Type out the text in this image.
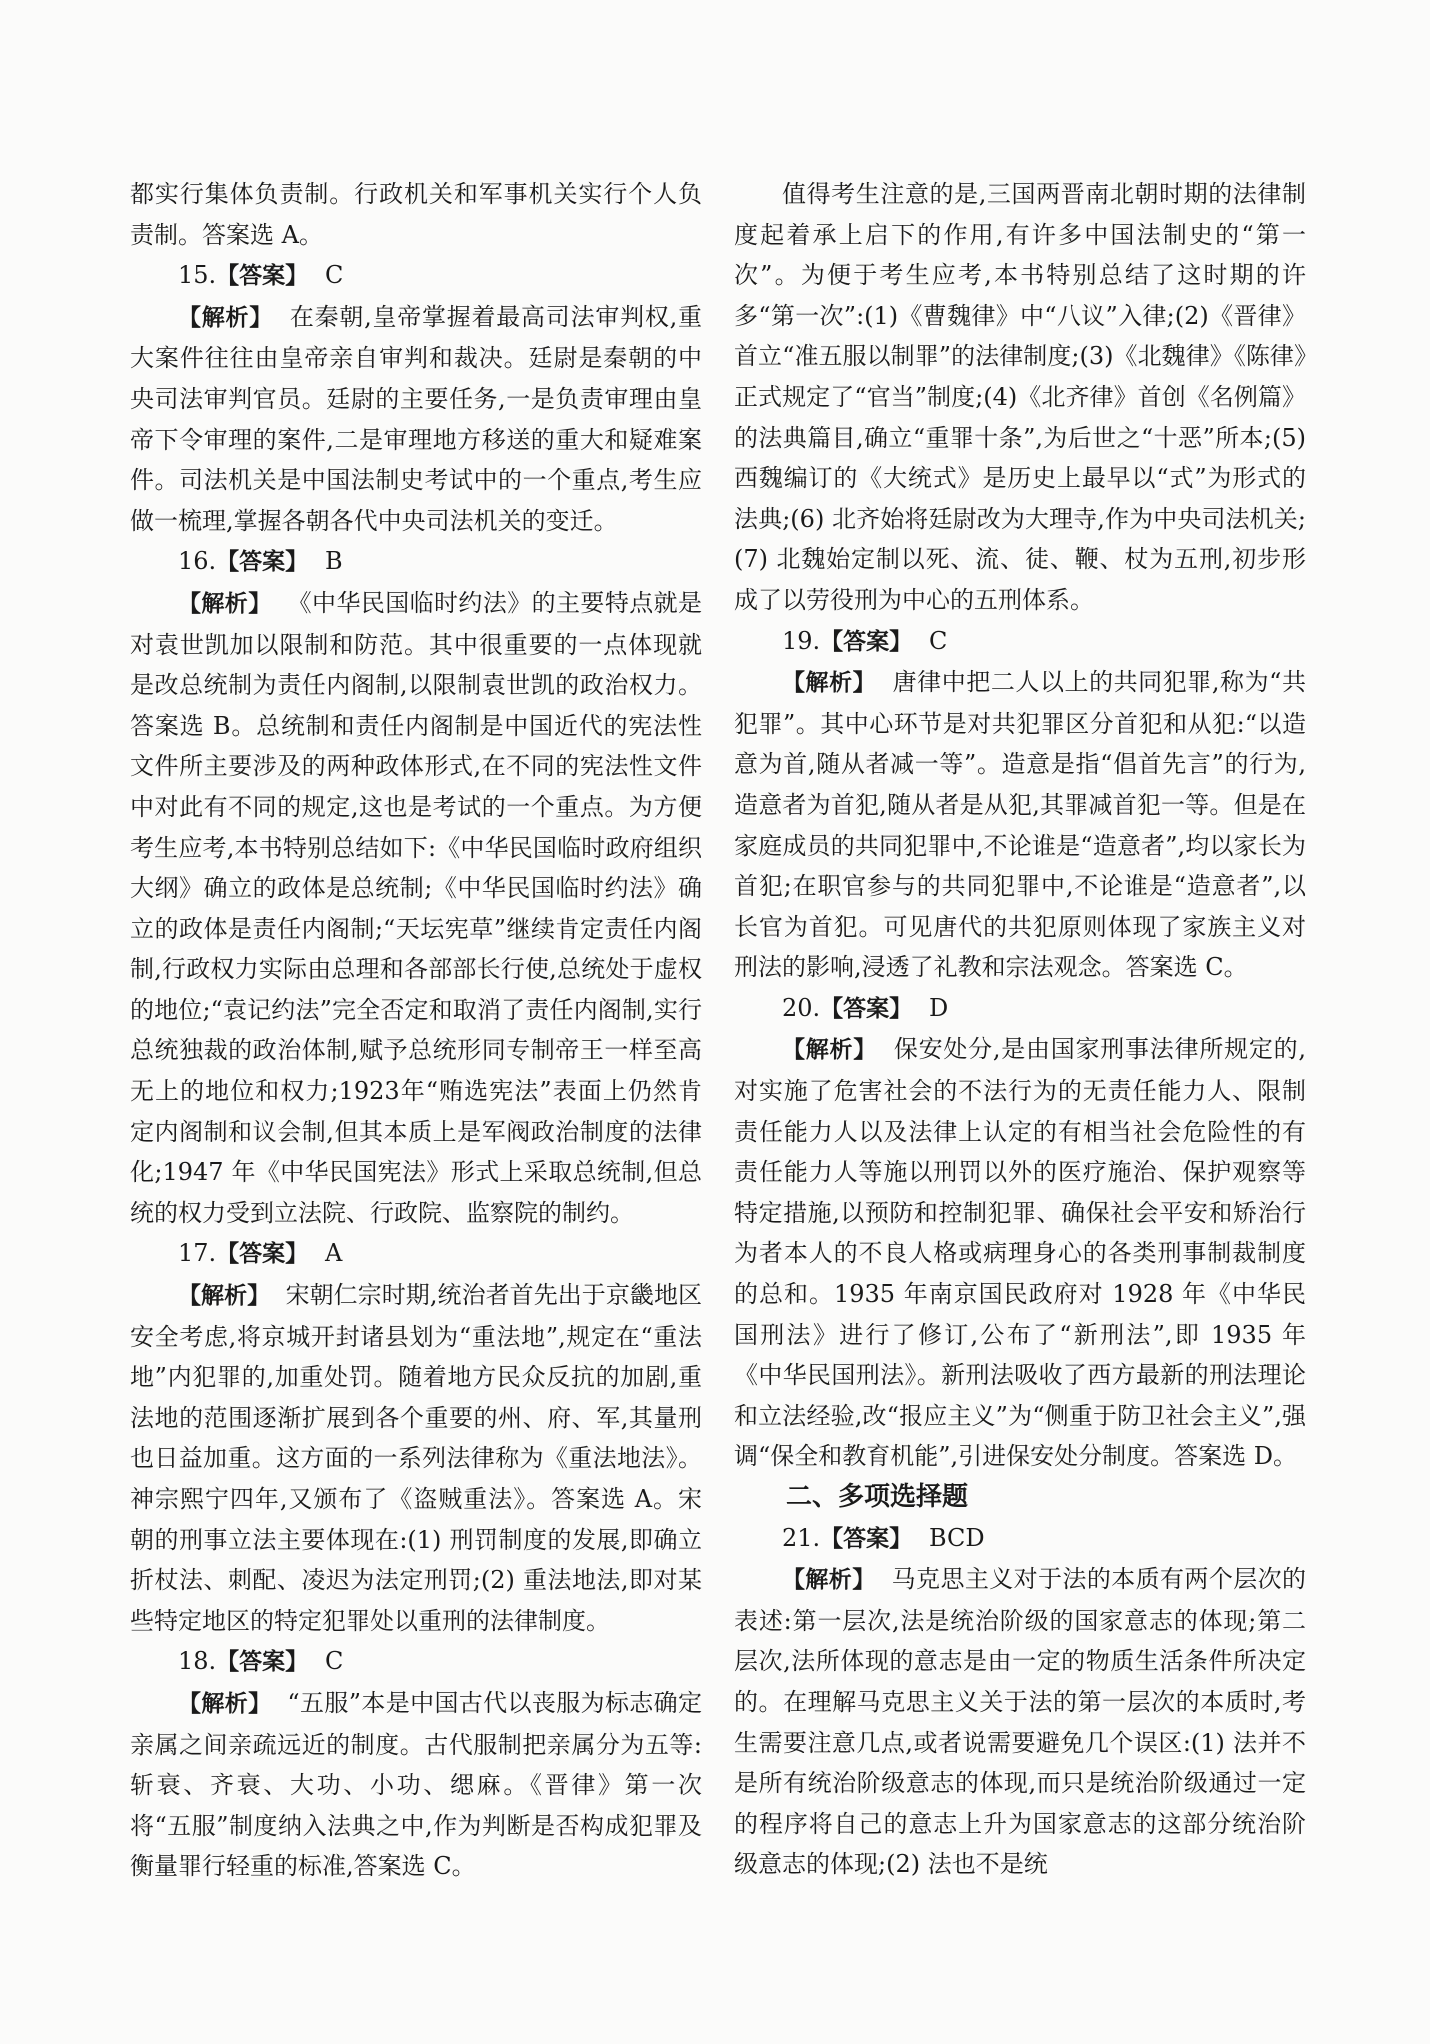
都实行集体负责制。行政机关和军事机关实行个人负责制。答案选 A。

15.【答案】 C

【解析】 在秦朝,皇帝掌握着最高司法审判权,重大案件往往由皇帝亲自审判和裁决。廷尉是秦朝的中央司法审判官员。廷尉的主要任务,一是负责审理由皇帝下令审理的案件,二是审理地方移送的重大和疑难案件。司法机关是中国法制史考试中的一个重点,考生应做一梳理,掌握各朝各代中央司法机关的变迁。

16.【答案】 B

【解析】 《中华民国临时约法》的主要特点就是对袁世凯加以限制和防范。其中很重要的一点体现就是改总统制为责任内阁制,以限制袁世凯的政治权力。答案选 B。总统制和责任内阁制是中国近代的宪法性文件所主要涉及的两种政体形式,在不同的宪法性文件中对此有不同的规定,这也是考试的一个重点。为方便考生应考,本书特别总结如下:《中华民国临时政府组织大纲》确立的政体是总统制;《中华民国临时约法》确立的政体是责任内阁制;“天坛宪草”继续肯定责任内阁制,行政权力实际由总理和各部部长行使,总统处于虚权的地位;“袁记约法”完全否定和取消了责任内阁制,实行总统独裁的政治体制,赋予总统形同专制帝王一样至高无上的地位和权力;1923年“贿选宪法”表面上仍然肯定内阁制和议会制,但其本质上是军阀政治制度的法律化;1947 年《中华民国宪法》形式上采取总统制,但总统的权力受到立法院、行政院、监察院的制约。

17.【答案】 A

【解析】 宋朝仁宗时期,统治者首先出于京畿地区安全考虑,将京城开封诸县划为“重法地”,规定在“重法地”内犯罪的,加重处罚。随着地方民众反抗的加剧,重法地的范围逐渐扩展到各个重要的州、府、军,其量刑也日益加重。这方面的一系列法律称为《重法地法》。神宗熙宁四年,又颁布了《盗贼重法》。答案选 A。宋朝的刑事立法主要体现在:(1) 刑罚制度的发展,即确立折杖法、刺配、凌迟为法定刑罚;(2) 重法地法,即对某些特定地区的特定犯罪处以重刑的法律制度。

18.【答案】 C

【解析】 “五服”本是中国古代以丧服为标志确定亲属之间亲疏远近的制度。古代服制把亲属分为五等:斩衰、齐衰、大功、小功、缌麻。《晋律》第一次将“五服”制度纳入法典之中,作为判断是否构成犯罪及衡量罪行轻重的标准,答案选 C。

值得考生注意的是,三国两晋南北朝时期的法律制度起着承上启下的作用,有许多中国法制史的“第一次”。为便于考生应考,本书特别总结了这时期的许多“第一次”:(1)《曹魏律》中“八议”入律;(2)《晋律》首立“准五服以制罪”的法律制度;(3)《北魏律》《陈律》正式规定了“官当”制度;(4)《北齐律》首创《名例篇》的法典篇目,确立“重罪十条”,为后世之“十恶”所本;(5) 西魏编订的《大统式》是历史上最早以“式”为形式的法典;(6) 北齐始将廷尉改为大理寺,作为中央司法机关;(7) 北魏始定制以死、流、徒、鞭、杖为五刑,初步形成了以劳役刑为中心的五刑体系。

19.【答案】 C

【解析】 唐律中把二人以上的共同犯罪,称为“共犯罪”。其中心环节是对共犯罪区分首犯和从犯:“以造意为首,随从者减一等”。造意是指“倡首先言”的行为,造意者为首犯,随从者是从犯,其罪减首犯一等。但是在家庭成员的共同犯罪中,不论谁是“造意者”,均以家长为首犯;在职官参与的共同犯罪中,不论谁是“造意者”,以长官为首犯。可见唐代的共犯原则体现了家族主义对刑法的影响,浸透了礼教和宗法观念。答案选 C。

20.【答案】 D

【解析】 保安处分,是由国家刑事法律所规定的,对实施了危害社会的不法行为的无责任能力人、限制责任能力人以及法律上认定的有相当社会危险性的有责任能力人等施以刑罚以外的医疗施治、保护观察等特定措施,以预防和控制犯罪、确保社会平安和矫治行为者本人的不良人格或病理身心的各类刑事制裁制度的总和。1935 年南京国民政府对 1928 年《中华民国刑法》进行了修订,公布了“新刑法”,即 1935 年《中华民国刑法》。新刑法吸收了西方最新的刑法理论和立法经验,改“报应主义”为“侧重于防卫社会主义”,强调“保全和教育机能”,引进保安处分制度。答案选 D。

二、多项选择题

21.【答案】 BCD

【解析】 马克思主义对于法的本质有两个层次的表述:第一层次,法是统治阶级的国家意志的体现;第二层次,法所体现的意志是由一定的物质生活条件所决定的。在理解马克思主义关于法的第一层次的本质时,考生需要注意几点,或者说需要避免几个误区:(1) 法并不是所有统治阶级意志的体现,而只是统治阶级通过一定的程序将自己的意志上升为国家意志的这部分统治阶级意志的体现;(2) 法也不是统
